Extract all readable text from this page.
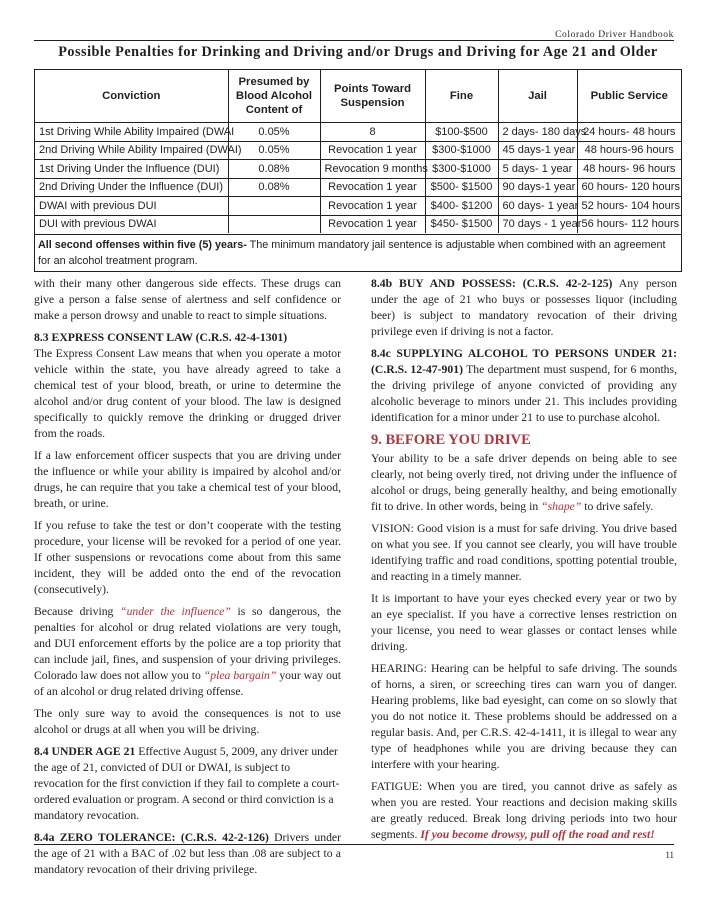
Colorado Driver Handbook
Possible Penalties for Drinking and Driving and/or Drugs and Driving for Age 21 and Older
Conviction	Presumed by Blood Alcohol Content of	Points Toward Suspension	Fine	Jail	Public Service
1st Driving While Ability Impaired (DWAI	0.05%	8	$100-$500	2 days- 180 days	24 hours- 48 hours
2nd Driving While Ability Impaired (DWAI)	0.05%	Revocation 1 year	$300-$1000	45 days-1 year	48 hours-96 hours
1st Driving Under the Influence (DUI)	0.08%	Revocation 9 months	$300-$1000	5 days- 1 year	48 hours- 96 hours
2nd Driving Under the Influence (DUI)	0.08%	Revocation 1 year	$500- $1500	90 days-1 year	60 hours- 120 hours
DWAI with previous DUI		Revocation 1 year	$400- $1200	60 days- 1 year	52 hours- 104 hours
DUI with previous DWAI		Revocation 1 year	$450- $1500	70 days - 1 year	56 hours- 112 hours
All second offenses within five (5) years- The minimum mandatory jail sentence is adjustable when combined with an agreement for an alcohol treatment program.

with their many other dangerous side effects. These drugs can give a person a false sense of alertness and self confidence or make a person drowsy and unable to react to simple situations.

8.3 EXPRESS CONSENT LAW (C.R.S. 42-4-1301)
The Express Consent Law means that when you operate a motor vehicle within the state, you have already agreed to take a chemical test of your blood, breath, or urine to determine the alcohol and/or drug content of your blood. The law is designed specifically to quickly remove the drinking or drugged driver from the roads.

If a law enforcement officer suspects that you are driving under the influence or while your ability is impaired by alcohol and/or drugs, he can require that you take a chemical test of your blood, breath, or urine.

If you refuse to take the test or don’t cooperate with the testing procedure, your license will be revoked for a period of one year. If other suspensions or revocations come about from this same incident, they will be added onto the end of the revocation (consecutively).

Because driving “under the influence” is so dangerous, the penalties for alcohol or drug related violations are very tough, and DUI enforcement efforts by the police are a top priority that can include jail, fines, and suspension of your driving privileges. Colorado law does not allow you to “plea bargain” your way out of an alcohol or drug related driving offense.

The only sure way to avoid the consequences is not to use alcohol or drugs at all when you will be driving.

8.4 UNDER AGE 21 Effective August 5, 2009, any driver under the age of 21, convicted of DUI or DWAI, is subject to revocation for the first conviction if they fail to complete a court-ordered evaluation or program. A second or third conviction is a mandatory revocation.

8.4a ZERO TOLERANCE: (C.R.S. 42-2-126) Drivers under the age of 21 with a BAC of .02 but less than .08 are subject to a mandatory revocation of their driving privilege.

8.4b BUY AND POSSESS: (C.R.S. 42-2-125) Any person under the age of 21 who buys or possesses liquor (including beer) is subject to mandatory revocation of their driving privilege even if driving is not a factor.

8.4c SUPPLYING ALCOHOL TO PERSONS UNDER 21: (C.R.S. 12-47-901) The department must suspend, for 6 months, the driving privilege of anyone convicted of providing any alcoholic beverage to minors under 21. This includes providing identification for a minor under 21 to use to purchase alcohol.

9. BEFORE YOU DRIVE

Your ability to be a safe driver depends on being able to see clearly, not being overly tired, not driving under the influence of alcohol or drugs, being generally healthy, and being emotionally fit to drive. In other words, being in “shape” to drive safely.

VISION: Good vision is a must for safe driving. You drive based on what you see. If you cannot see clearly, you will have trouble identifying traffic and road conditions, spotting potential trouble, and reacting in a timely manner.

It is important to have your eyes checked every year or two by an eye specialist. If you have a corrective lenses restriction on your license, you need to wear glasses or contact lenses while driving.

HEARING: Hearing can be helpful to safe driving. The sounds of horns, a siren, or screeching tires can warn you of danger. Hearing problems, like bad eyesight, can come on so slowly that you do not notice it. These problems should be addressed on a regular basis. And, per C.R.S. 42-4-1411, it is illegal to wear any type of headphones while you are driving because they can interfere with your hearing.

FATIGUE: When you are tired, you cannot drive as safely as when you are rested. Your reactions and decision making skills are greatly reduced. Break long driving periods into two hour segments. If you become drowsy, pull off the road and rest!

11
